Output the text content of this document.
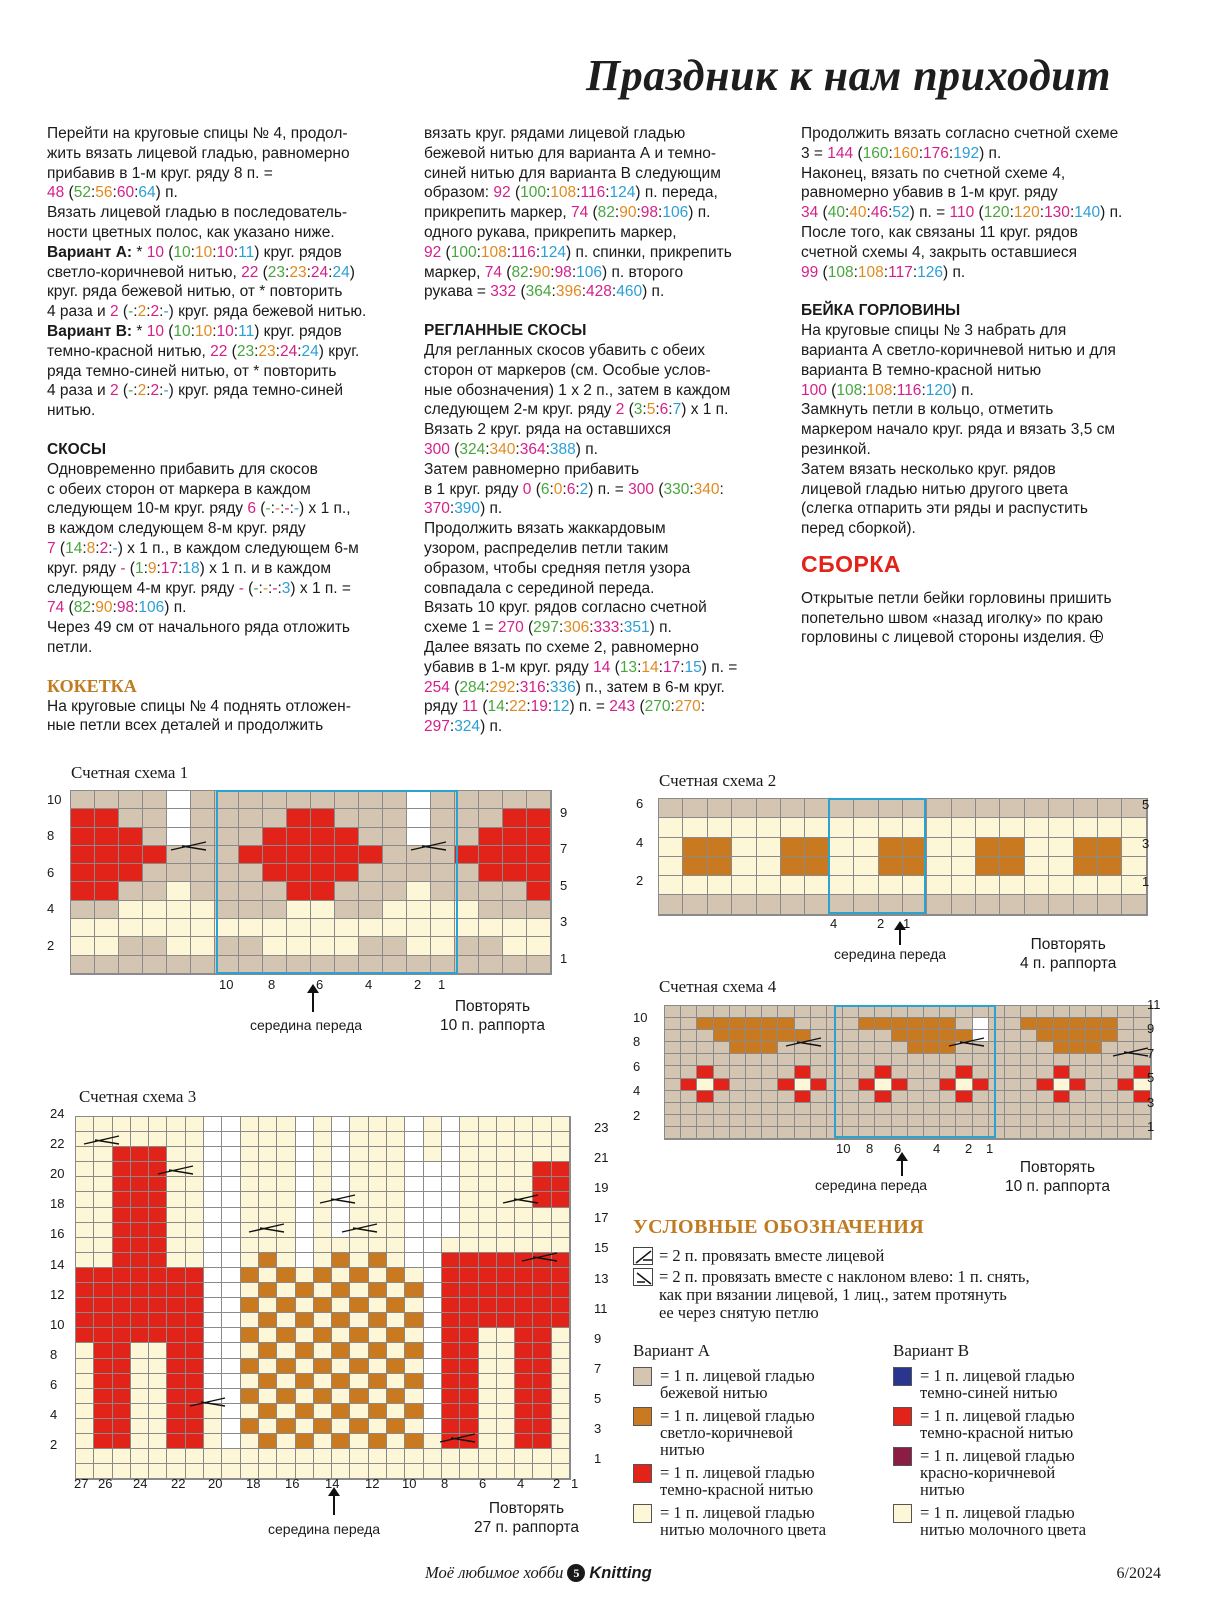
Праздник к нам приходит

Перейти на круговые спицы № 4, продол-
жить вязать лицевой гладью, равномерно
прибавив в 1-м круг. ряду 8 п. =
48 (52:56:60:64) п.

Вязать лицевой гладью в последователь-
ности цветных полос, как указано ниже.

Вариант А: * 10 (10:10:10:11) круг. рядов
светло-коричневой нитью, 22 (23:23:24:24)
круг. ряда бежевой нитью, от * повторить
4 раза и 2 (-:2:2:-) круг. ряда бежевой нитью.

Вариант В: * 10 (10:10:10:11) круг. рядов
темно-красной нитью, 22 (23:23:24:24) круг.
ряда темно-синей нитью, от * повторить
4 раза и 2 (-:2:2:-) круг. ряда темно-синей
нитью.

СКОСЫ

Одновременно прибавить для скосов
с обеих сторон от маркера в каждом
следующем 10-м круг. ряду 6 (-:-:-:-) x 1 п.,
в каждом следующем 8-м круг. ряду
7 (14:8:2:-) x 1 п., в каждом следующем 6-м
круг. ряду - (1:9:17:18) x 1 п. и в каждом
следующем 4-м круг. ряду - (-:-:-:3) x 1 п. =
74 (82:90:98:106) п.
Через 49 см от начального ряда отложить
петли.

КОКЕТКА

На круговые спицы № 4 поднять отложен-
ные петли всех деталей и продолжить

вязать круг. рядами лицевой гладью
бежевой нитью для варианта А и темно-
синей нитью для варианта В следующим
образом: 92 (100:108:116:124) п. переда,
прикрепить маркер, 74 (82:90:98:106) п.
одного рукава, прикрепить маркер,
92 (100:108:116:124) п. спинки, прикрепить
маркер, 74 (82:90:98:106) п. второго
рукава = 332 (364:396:428:460) п.

РЕГЛАННЫЕ СКОСЫ

Для регланных скосов убавить с обеих
сторон от маркеров (см. Особые услов-
ные обозначения) 1 x 2 п., затем в каждом
следующем 2-м круг. ряду 2 (3:5:6:7) x 1 п.
Вязать 2 круг. ряда на оставшихся
300 (324:340:364:388) п.
Затем равномерно прибавить
в 1 круг. ряду 0 (6:0:6:2) п. = 300 (330:340:
370:390) п.
Продолжить вязать жаккардовым
узором, распределив петли таким
образом, чтобы средняя петля узора
совпадала с серединой переда.
Вязать 10 круг. рядов согласно счетной
схеме 1 = 270 (297:306:333:351) п.
Далее вязать по схеме 2, равномерно
убавив в 1-м круг. ряду 14 (13:14:17:15) п. =
254 (284:292:316:336) п., затем в 6-м круг.
ряду 11 (14:22:19:12) п. = 243 (270:270:
297:324) п.

Продолжить вязать согласно счетной схеме
3 = 144 (160:160:176:192) п.
Наконец, вязать по счетной схеме 4,
равномерно убавив в 1-м круг. ряду
34 (40:40:46:52) п. = 110 (120:120:130:140) п.
После того, как связаны 11 круг. рядов
счетной схемы 4, закрыть оставшиеся
99 (108:108:117:126) п.

БЕЙКА ГОРЛОВИНЫ

На круговые спицы № 3 набрать для
варианта А светло-коричневой нитью и для
варианта В темно-красной нитью
100 (108:108:116:120) п.
Замкнуть петли в кольцо, отметить
маркером начало круг. ряда и вязать 3,5 см
резинкой.
Затем вязать несколько круг. рядов
лицевой гладью нитью другого цвета
(слегка отпарить эти ряды и распустить
перед сборкой).

СБОРКА

Открытые петли бейки горловины пришить
попетельно швом «назад иголку» по краю
горловины с лицевой стороны изделия.

Счетная схема 1
середина переда
Повторять
10 п. раппорта
10
8
6
4
2
9
7
5
3
1
10	8	6	4	2 1
Счетная схема 2
середина переда
Повторять
4 п. раппорта
6
4
2
5
3
1
4	2 1
Счетная схема 4
середина переда
Повторять
10 п. раппорта
10
8
6
4
2
11
9
7
5
3
1
10 8 6 4 2 1
Счетная схема 3
середина переда
Повторять
27 п. раппорта
24
22
20
18
16
14
12
10
8
6
4
2
23
21
19
17
15
13
11
9
7
5
3
1
27 26 24 22 20 18 16 14 12 10 8 6 4 2 1
УСЛОВНЫЕ ОБОЗНАЧЕНИЯ
= 2 п. провязать вместе лицевой
= 2 п. провязать вместе с наклоном влево: 1 п. снять,
как при вязании лицевой, 1 лиц., затем протянуть
ее через снятую петлю
Вариант А
= 1 п. лицевой гладью
бежевой нитью
= 1 п. лицевой гладью
светло-коричневой
нитью
= 1 п. лицевой гладью
темно-красной нитью
= 1 п. лицевой гладью
нитью молочного цвета
Вариант В
= 1 п. лицевой гладью
темно-синей нитью
= 1 п. лицевой гладью
темно-красной нитью
= 1 п. лицевой гладью
красно-коричневой
нитью
= 1 п. лицевой гладью
нитью молочного цвета
Моё любимое хобби 5 Knitting	6/2024
